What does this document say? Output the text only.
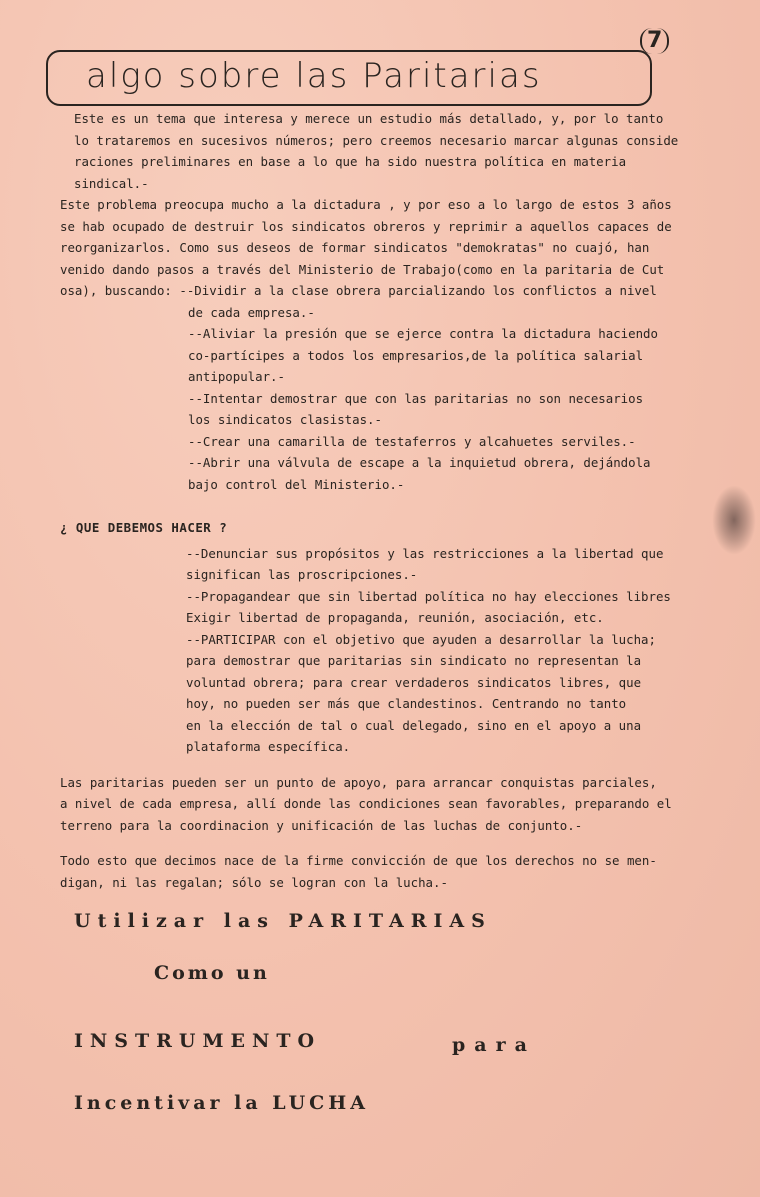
7
algo sobre las Paritarias

Este es un tema que interesa y merece un estudio más detallado, y, por lo tanto

lo trataremos en sucesivos números; pero creemos necesario marcar algunas conside

raciones preliminares en base a lo que ha sido nuestra política en materia

sindical.-

Este problema preocupa mucho a la dictadura , y por eso a lo largo de estos 3 años

se hab ocupado de destruir los sindicatos obreros y reprimir a aquellos capaces de

reorganizarlos. Como sus deseos de formar sindicatos "demokratas" no cuajó, han

venido dando pasos a través del Ministerio de Trabajo(como en la paritaria de Cut

osa), buscando: --Dividir a la clase obrera parcializando los conflictos a nivel

de cada empresa.-

--Aliviar la presión que se ejerce contra la dictadura haciendo

co-partícipes a todos los empresarios,de la política salarial

antipopular.-

--Intentar demostrar que con las paritarias no son necesarios

los sindicatos clasistas.-

--Crear una camarilla de testaferros y alcahuetes serviles.-

--Abrir una válvula de escape a la inquietud obrera, dejándola

bajo control del Ministerio.-

¿ QUE DEBEMOS HACER ?

--Denunciar sus propósitos y las restricciones a la libertad que

significan las proscripciones.-

--Propagandear que sin libertad política no hay elecciones libres

Exigir libertad de propaganda, reunión, asociación, etc.

--PARTICIPAR con el objetivo que ayuden a desarrollar la lucha;

para demostrar que paritarias sin sindicato no representan la

voluntad obrera; para crear verdaderos sindicatos libres, que

hoy, no pueden ser más que clandestinos. Centrando no tanto

en la elección de tal o cual delegado, sino en el apoyo a una

plataforma específica.

Las paritarias pueden ser un punto de apoyo, para arrancar conquistas parciales,

a nivel de cada empresa, allí donde las condiciones sean favorables, preparando el

terreno para la coordinacion y unificación de las luchas de conjunto.-

Todo esto que decimos nace de la firme convicción de que los derechos no se men-

digan, ni las regalan; sólo se logran con la lucha.-

Utilizar las PARITARIAS
Como un
INSTRUMENTO	para
Incentivar la LUCHA
